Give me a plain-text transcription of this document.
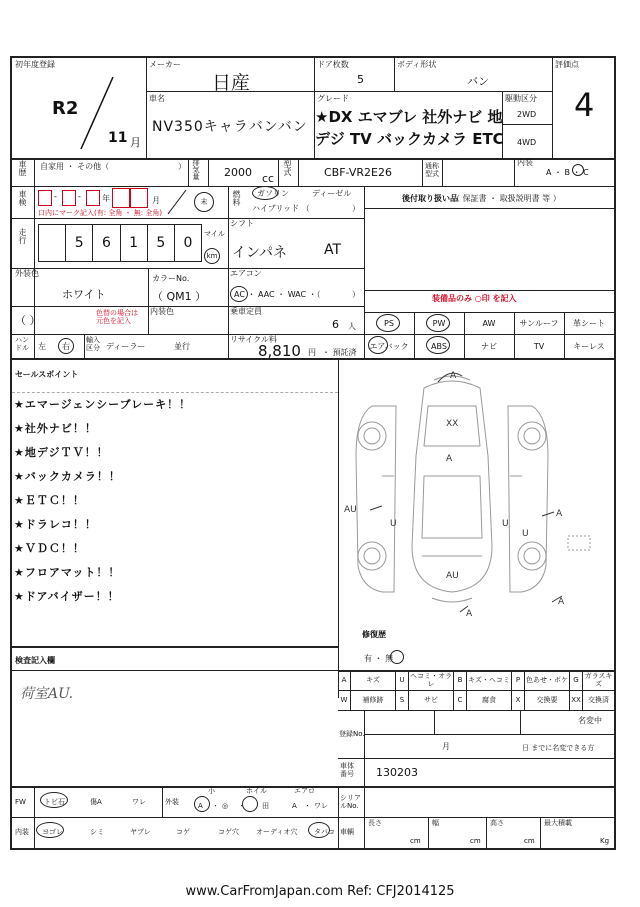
初年度登録
R2
11 月
メーカー
日産
車名
NV350キャラバンバン
ドア枚数
5
ボディ形状
バン
グレード
★DX エマブレ 社外ナビ 地
デジ TV バックカメラ ETC
駆動区分
2WD
4WD
評価点
4
車歴 自家用 ・ その他（	） 排気量 2000 cc
型式	CBF-VR2E26	通称型式
内装
A ・ B ・ C
車検	-	-	年	月	未
口内にマーク記入(有: 全角 ・ 無: 全角)
燃料 ガソリン	ディーゼル
ハイブリッド （	）
後付取り扱い品
（ 保証書 ・ 取扱説明書 等 ）
走行	5	6	1	5	0
マイル
km
シフト
インパネ	AT
外装色
ホワイト
カラーNo.
（ QM1 ）
エアコン
AC ・ AAC ・ WAC ・（	）	装備品のみ ○印 を記入
（ ）
色替の場合は
元色を記入
内装色	乗車定員
6 人	PS	PW	AW	サンルーフ	革シート
エアバック	ABS	ナビ	TV	キーレス
ハンドル 左 右
輸入区分 ディーラー	並行
リサイクル料
8,810 円 ・ 預託済
セールスポイント
★エマージェンシーブレーキ！！
★社外ナビ！！
★地デジＴＶ！！
★バックカメラ！！
★ＥＴＣ！！
★ドラレコ！！
★ＶＤＣ！！
★フロアマット！！
★ドアバイザー！！
A
XX
A
AU
U	U
U
AU	A
A
A
修復歴
有 ・ 無
検査記入欄
荷室AU.
A	キズ	U ヘコミ・オラレ	B キズ・ヘコミ P 色あせ・ボケ G ガラスキズ
W	補修跡	S	サビ	C	腐食	X	交換要	XX	交換済
名変中
登録No.
月	日 までに名変できる方
車体番号	130203
FW	トビ石	傷A	ワレ	外装
小	ホイル	エアロ
A ・ ◎ ・ 田	A ・ ワレ
内装 ヨゴレ	シミ	ヤブレ	コゲ	コゲ穴 オーディオ穴 タバコ
シリアルNo.
車輌
長さ
cm
幅
cm
高さ
cm
最大積載
Kg
www.CarFromJapan.com Ref: CFJ2014125
